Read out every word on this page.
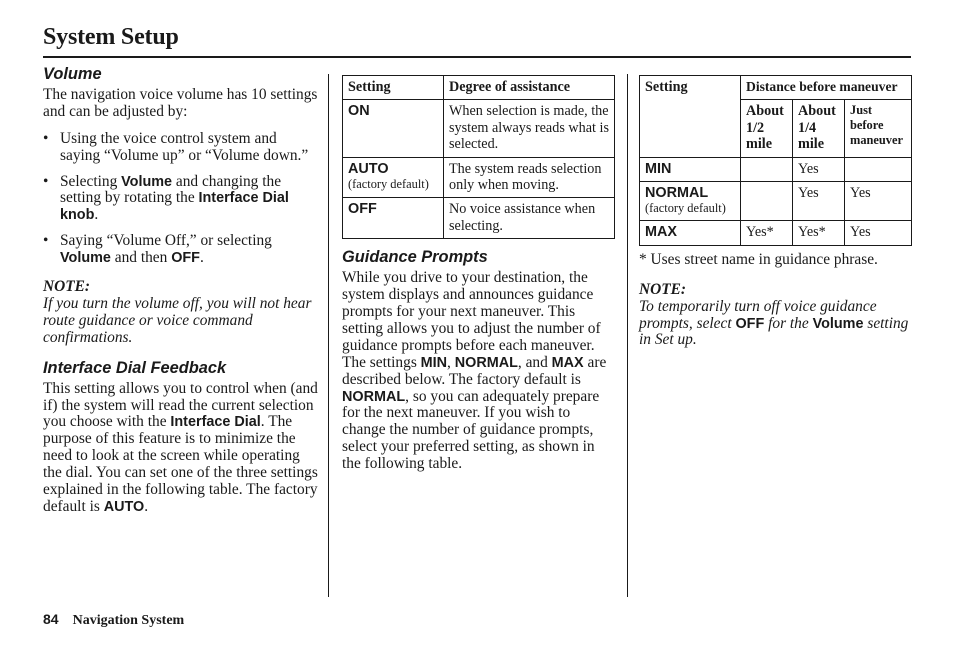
System Setup
Volume

The navigation voice volume has 10 settings and can be adjusted by:

• Using the voice control system and saying “Volume up” or “Volume down.”
• Selecting Volume and changing the setting by rotating the Interface Dial knob.
• Saying “Volume Off,” or selecting Volume and then OFF.
NOTE:
If you turn the volume off, you will not hear route guidance or voice command confirmations.
Interface Dial Feedback

This setting allows you to control when (and if) the system will read the current selection you choose with the Interface Dial. The purpose of this feature is to minimize the need to look at the screen while operating the dial. You can set one of the three settings explained in the following table. The factory default is AUTO.

Setting	Degree of assistance

ON	When selection is made, the system always reads what is selected.

AUTO
(factory default)	The system reads selection only when moving.

OFF	No voice assistance when selecting.
Guidance Prompts

While you drive to your destination, the system displays and announces guidance prompts for your next maneuver. This setting allows you to adjust the number of guidance prompts before each maneuver. The settings MIN, NORMAL, and MAX are described below. The factory default is NORMAL, so you can adequately prepare for the next maneuver. If you wish to change the number of guidance prompts, select your preferred setting, as shown in the following table.

Setting	Distance before maneuver		
	About 1/2 mile	About 1/4 mile	Just before maneuver

MIN		Yes	

NORMAL
(factory default)		Yes	Yes

MAX	Yes*	Yes*	Yes

* Uses street name in guidance phrase.

NOTE:
To temporarily turn off voice guidance prompts, select OFF for the Volume setting in Set up.
84 Navigation System
